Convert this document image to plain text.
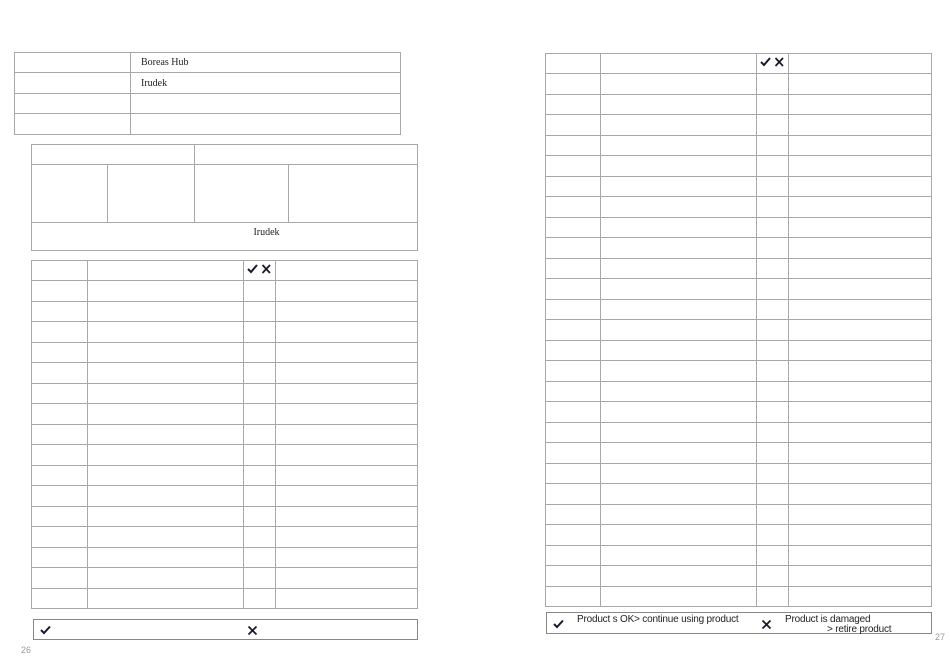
	Boreas Hub
	Irudek

Irudek			

26

Product s OK> continue using product	Product is damaged
> retire product
27
